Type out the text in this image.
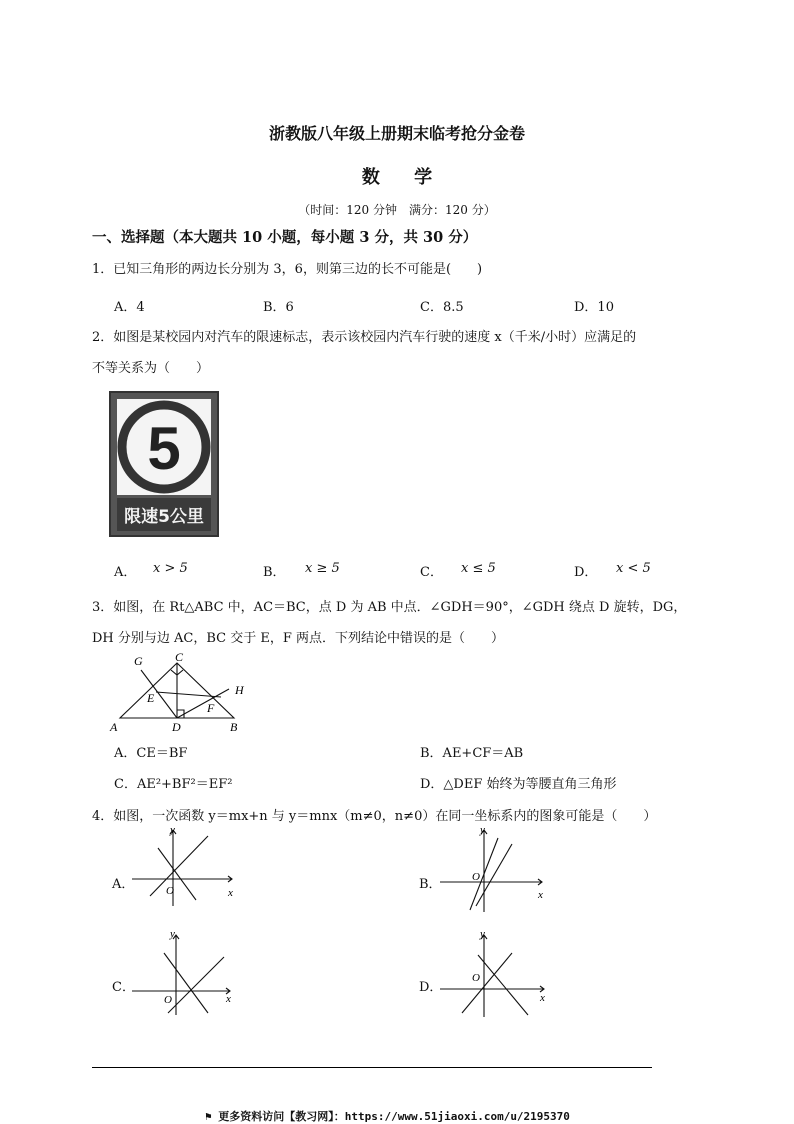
浙教版八年级上册期末临考抢分金卷
数 学
（时间：120 分钟　满分：120 分）
一、选择题（本大题共 10 小题，每小题 3 分，共 30 分）
1．已知三角形的两边长分别为 3，6，则第三边的长不可能是(　　)
A．4	B．6	C．8.5	D．10
2．如图是某校园内对汽车的限速标志，表示该校园内汽车行驶的速度 x（千米/小时）应满足的
不等关系为（　　）
5
限速5公里
A． x > 5	B． x ≥ 5	C． x ≤ 5	D． x < 5
3．如图，在 Rt△ABC 中，AC＝BC，点 D 为 AB 中点．∠GDH＝90°，∠GDH 绕点 D 旋转，DG，
DH 分别与边 AC，BC 交于 E，F 两点．下列结论中错误的是（　　）
G	C
H
E
F
A	D	B
A．CE＝BF	B．AE+CF＝AB
C．AE²+BF²＝EF²	D．△DEF 始终为等腰直角三角形
4．如图，一次函数 y＝mx+n 与 y＝mnx（m≠0，n≠0）在同一坐标系内的图象可能是（　　）
A．	O	x
y
B．	O
x
y
C．
O	x
y
D．
O
x
y
⚑ 更多资料访问【教习网】：https://www.51jiaoxi.com/u/2195370
